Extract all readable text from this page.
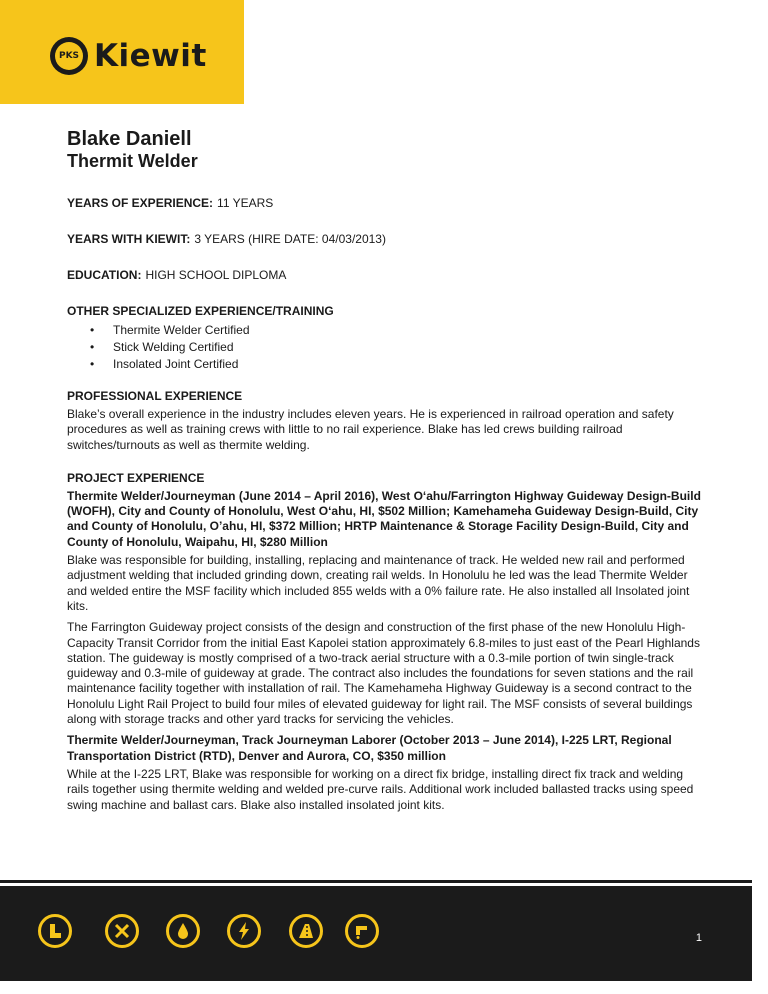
PKS Kiewit
Blake Daniell
Thermit Welder
YEARS OF EXPERIENCE: 11 YEARS
YEARS WITH KIEWIT: 3 YEARS (HIRE DATE: 04/03/2013)
EDUCATION: HIGH SCHOOL DIPLOMA
OTHER SPECIALIZED EXPERIENCE/TRAINING
• Thermite Welder Certified
• Stick Welding Certified
• Insolated Joint Certified
PROFESSIONAL EXPERIENCE

Blake’s overall experience in the industry includes eleven years. He is experienced in railroad operation and safety procedures as well as training crews with little to no rail experience. Blake has led crews building railroad switches/turnouts as well as thermite welding.

PROJECT EXPERIENCE
Thermite Welder/Journeyman (June 2014 – April 2016), West O‘ahu/Farrington Highway Guideway Design-Build (WOFH), City and County of Honolulu, West O‘ahu, HI, $502 Million; Kamehameha Guideway Design-Build, City and County of Honolulu, O’ahu, HI, $372 Million; HRTP Maintenance & Storage Facility Design-Build, City and County of Honolulu, Waipahu, HI, $280 Million

Blake was responsible for building, installing, replacing and maintenance of track. He welded new rail and performed adjustment welding that included grinding down, creating rail welds. In Honolulu he led was the lead Thermite Welder and welded entire the MSF facility which included 855 welds with a 0% failure rate. He also installed all Insolated joint kits.

The Farrington Guideway project consists of the design and construction of the first phase of the new Honolulu High-Capacity Transit Corridor from the initial East Kapolei station approximately 6.8-miles to just east of the Pearl Highlands station. The guideway is mostly comprised of a two-track aerial structure with a 0.3-mile portion of twin single-track guideway and 0.3-mile of guideway at grade. The contract also includes the foundations for seven stations and the rail maintenance facility together with installation of rail. The Kamehameha Highway Guideway is a second contract to the Honolulu Light Rail Project to build four miles of elevated guideway for light rail. The MSF consists of several buildings along with storage tracks and other yard tracks for servicing the vehicles.

Thermite Welder/Journeyman, Track Journeyman Laborer (October 2013 – June 2014), I-225 LRT, Regional Transportation District (RTD), Denver and Aurora, CO, $350 million

While at the I-225 LRT, Blake was responsible for working on a direct fix bridge, installing direct fix track and welding rails together using thermite welding and welded pre-curve rails. Additional work included ballasted tracks using speed swing machine and ballast cars. Blake also installed insolated joint kits.

1
